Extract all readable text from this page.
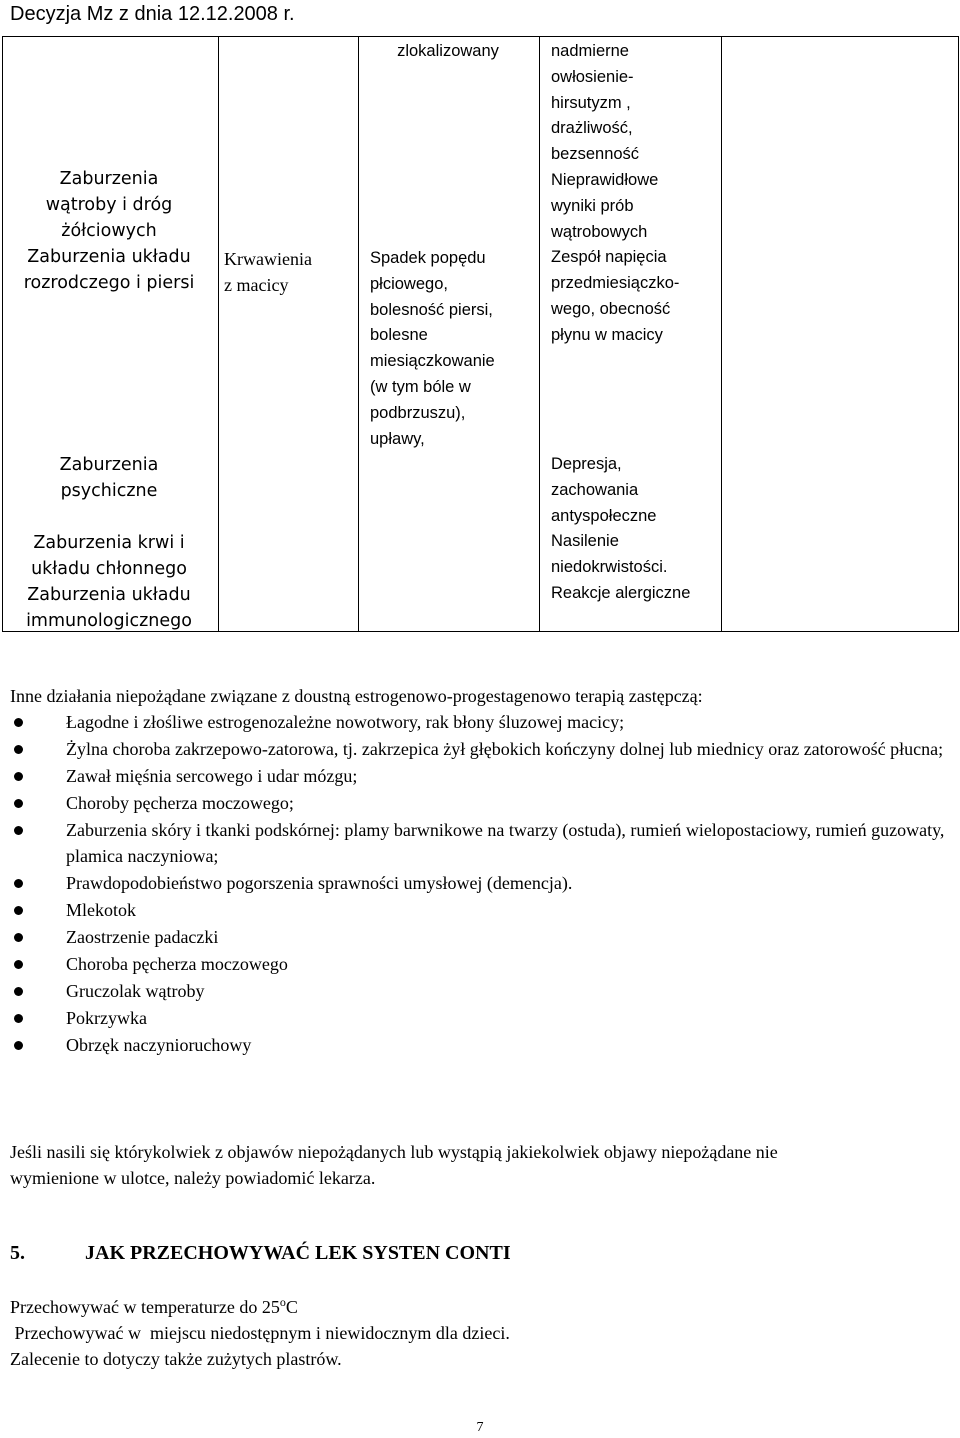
Decyzja Mz z dnia 12.12.2008 r.
Zaburzenia
wątroby i dróg
żółciowych
Zaburzenia układu
rozrodczego i piersi
Zaburzenia
psychiczne
Zaburzenia krwi i
układu chłonnego
Zaburzenia układu
immunologicznego
Krwawienia
z macicy
zlokalizowany
Spadek popędu
płciowego,
bolesność piersi,
bolesne
miesiączkowanie
(w tym bóle w
podbrzuszu),
upławy,
nadmierne
owłosienie-
hirsutyzm ,
drażliwość,
bezsenność
Nieprawidłowe
wyniki prób
wątrobowych
Zespół napięcia
przedmiesiączko-
wego, obecność
płynu w macicy
Depresja,
zachowania
antyspołeczne
Nasilenie
niedokrwistości.
Reakcje alergiczne
Inne działania niepożądane związane z doustną estrogenowo-progestagenowo terapią zastępczą:
Łagodne i złośliwe estrogenozależne nowotwory, rak błony śluzowej macicy;
Żylna choroba zakrzepowo-zatorowa, tj. zakrzepica żył głębokich kończyny dolnej lub miednicy oraz zatorowość płucna;
Zawał mięśnia sercowego i udar mózgu;
Choroby pęcherza moczowego;
Zaburzenia skóry i tkanki podskórnej: plamy barwnikowe na twarzy (ostuda), rumień wielopostaciowy, rumień guzowaty, plamica naczyniowa;
Prawdopodobieństwo pogorszenia sprawności umysłowej (demencja).
Mlekotok
Zaostrzenie padaczki
Choroba pęcherza moczowego
Gruczolak wątroby
Pokrzywka
Obrzęk naczynioruchowy
Jeśli nasili się którykolwiek z objawów niepożądanych lub wystąpią jakiekolwiek objawy niepożądane nie
wymienione w ulotce, należy powiadomić lekarza.
5.	JAK PRZECHOWYWAĆ LEK SYSTEN CONTI
Przechowywać w temperaturze do 25$^o$C
Przechowywać w  miejscu niedostępnym i niewidocznym dla dzieci.
Zalecenie to dotyczy także zużytych plastrów.
7
